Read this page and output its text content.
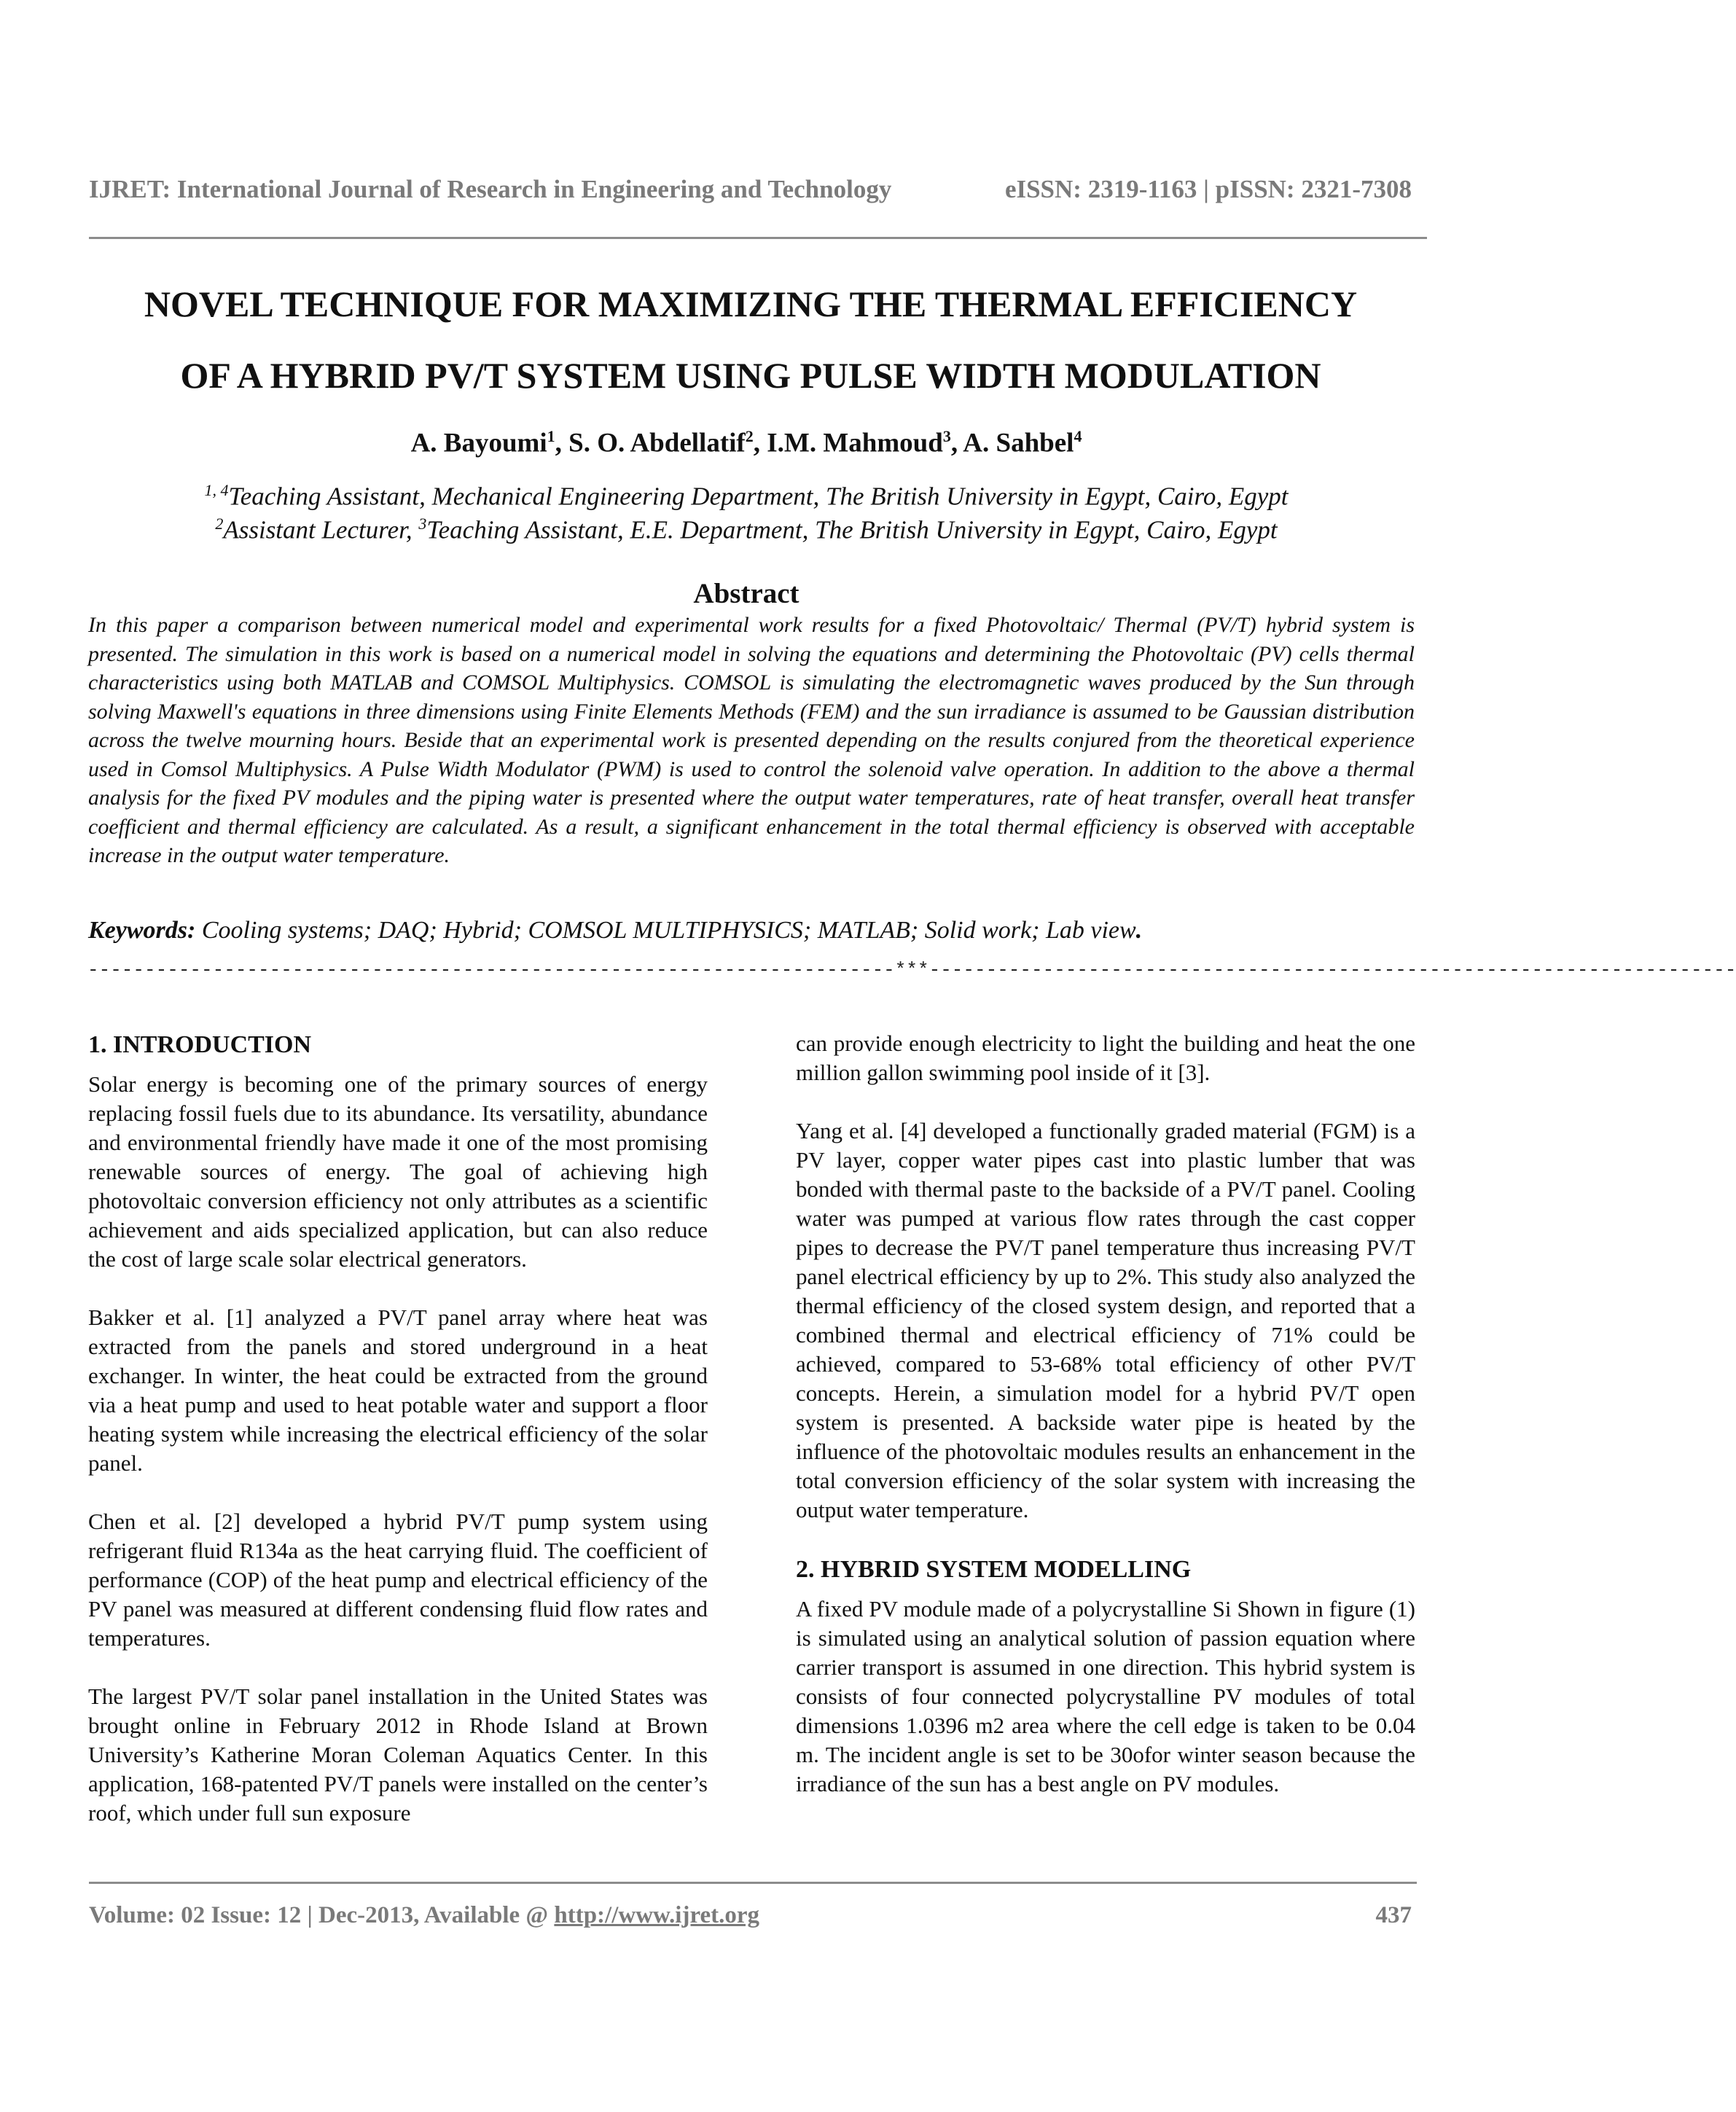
IJRET: International Journal of Research in Engineering and Technology	eISSN: 2319-1163 | pISSN: 2321-7308
NOVEL TECHNIQUE FOR MAXIMIZING THE THERMAL EFFICIENCY
OF A HYBRID PV/T SYSTEM USING PULSE WIDTH MODULATION
A. Bayoumi$^1$, S. O. Abdellatif$^2$, I.M. Mahmoud$^3$, A. Sahbel$^4$
$^{1, 4}$Teaching Assistant, Mechanical Engineering Department, The British University in Egypt, Cairo, Egypt
$^2$Assistant Lecturer, $^3$Teaching Assistant, E.E. Department, The British University in Egypt, Cairo, Egypt
Abstract

In this paper a comparison between numerical model and experimental work results for a fixed Photovoltaic/ Thermal (PV/T) hybrid system is presented. The simulation in this work is based on a numerical model in solving the equations and determining the Photovoltaic (PV) cells thermal characteristics using both MATLAB and COMSOL Multiphysics. COMSOL is simulating the electromagnetic waves produced by the Sun through solving Maxwell's equations in three dimensions using Finite Elements Methods (FEM) and the sun irradiance is assumed to be Gaussian distribution across the twelve mourning hours. Beside that an experimental work is presented depending on the results conjured from the theoretical experience used in Comsol Multiphysics. A Pulse Width Modulator (PWM) is used to control the solenoid valve operation. In addition to the above a thermal analysis for the fixed PV modules and the piping water is presented where the output water temperatures, rate of heat transfer, overall heat transfer coefficient and thermal efficiency are calculated. As a result, a significant enhancement in the total thermal efficiency is observed with acceptable increase in the output water temperature.

Keywords: Cooling systems; DAQ; Hybrid; COMSOL MULTIPHYSICS; MATLAB; Solid work; Lab view.
-----------------------------------------------------------------------***-----------------------------------------------------------------------
1. INTRODUCTION

Solar energy is becoming one of the primary sources of energy replacing fossil fuels due to its abundance. Its versatility, abundance and environmental friendly have made it one of the most promising renewable sources of energy. The goal of achieving high photovoltaic conversion efficiency not only attributes as a scientific achievement and aids specialized application, but can also reduce the cost of large scale solar electrical generators.

Bakker et al. [1] analyzed a PV/T panel array where heat was extracted from the panels and stored underground in a heat exchanger. In winter, the heat could be extracted from the ground via a heat pump and used to heat potable water and support a floor heating system while increasing the electrical efficiency of the solar panel.

Chen et al. [2] developed a hybrid PV/T pump system using refrigerant fluid R134a as the heat carrying fluid. The coefficient of performance (COP) of the heat pump and electrical efficiency of the PV panel was measured at different condensing fluid flow rates and temperatures.

The largest PV/T solar panel installation in the United States was brought online in February 2012 in Rhode Island at Brown University’s Katherine Moran Coleman Aquatics Center. In this application, 168-patented PV/T panels were installed on the center’s roof, which under full sun exposure

can provide enough electricity to light the building and heat the one million gallon swimming pool inside of it [3].

Yang et al. [4] developed a functionally graded material (FGM) is a PV layer, copper water pipes cast into plastic lumber that was bonded with thermal paste to the backside of a PV/T panel. Cooling water was pumped at various flow rates through the cast copper pipes to decrease the PV/T panel temperature thus increasing PV/T panel electrical efficiency by up to 2%. This study also analyzed the thermal efficiency of the closed system design, and reported that a combined thermal and electrical efficiency of 71% could be achieved, compared to 53-68% total efficiency of other PV/T concepts. Herein, a simulation model for a hybrid PV/T open system is presented. A backside water pipe is heated by the influence of the photovoltaic modules results an enhancement in the total conversion efficiency of the solar system with increasing the output water temperature.

2. HYBRID SYSTEM MODELLING

A fixed PV module made of a polycrystalline Si Shown in figure (1) is simulated using an analytical solution of passion equation where carrier transport is assumed in one direction. This hybrid system is consists of four connected polycrystalline PV modules of total dimensions 1.0396 m2 area where the cell edge is taken to be 0.04 m. The incident angle is set to be 30ofor winter season because the irradiance of the sun has a best angle on PV modules.

Volume: 02 Issue: 12 | Dec-2013, Available @ http://www.ijret.org	437
